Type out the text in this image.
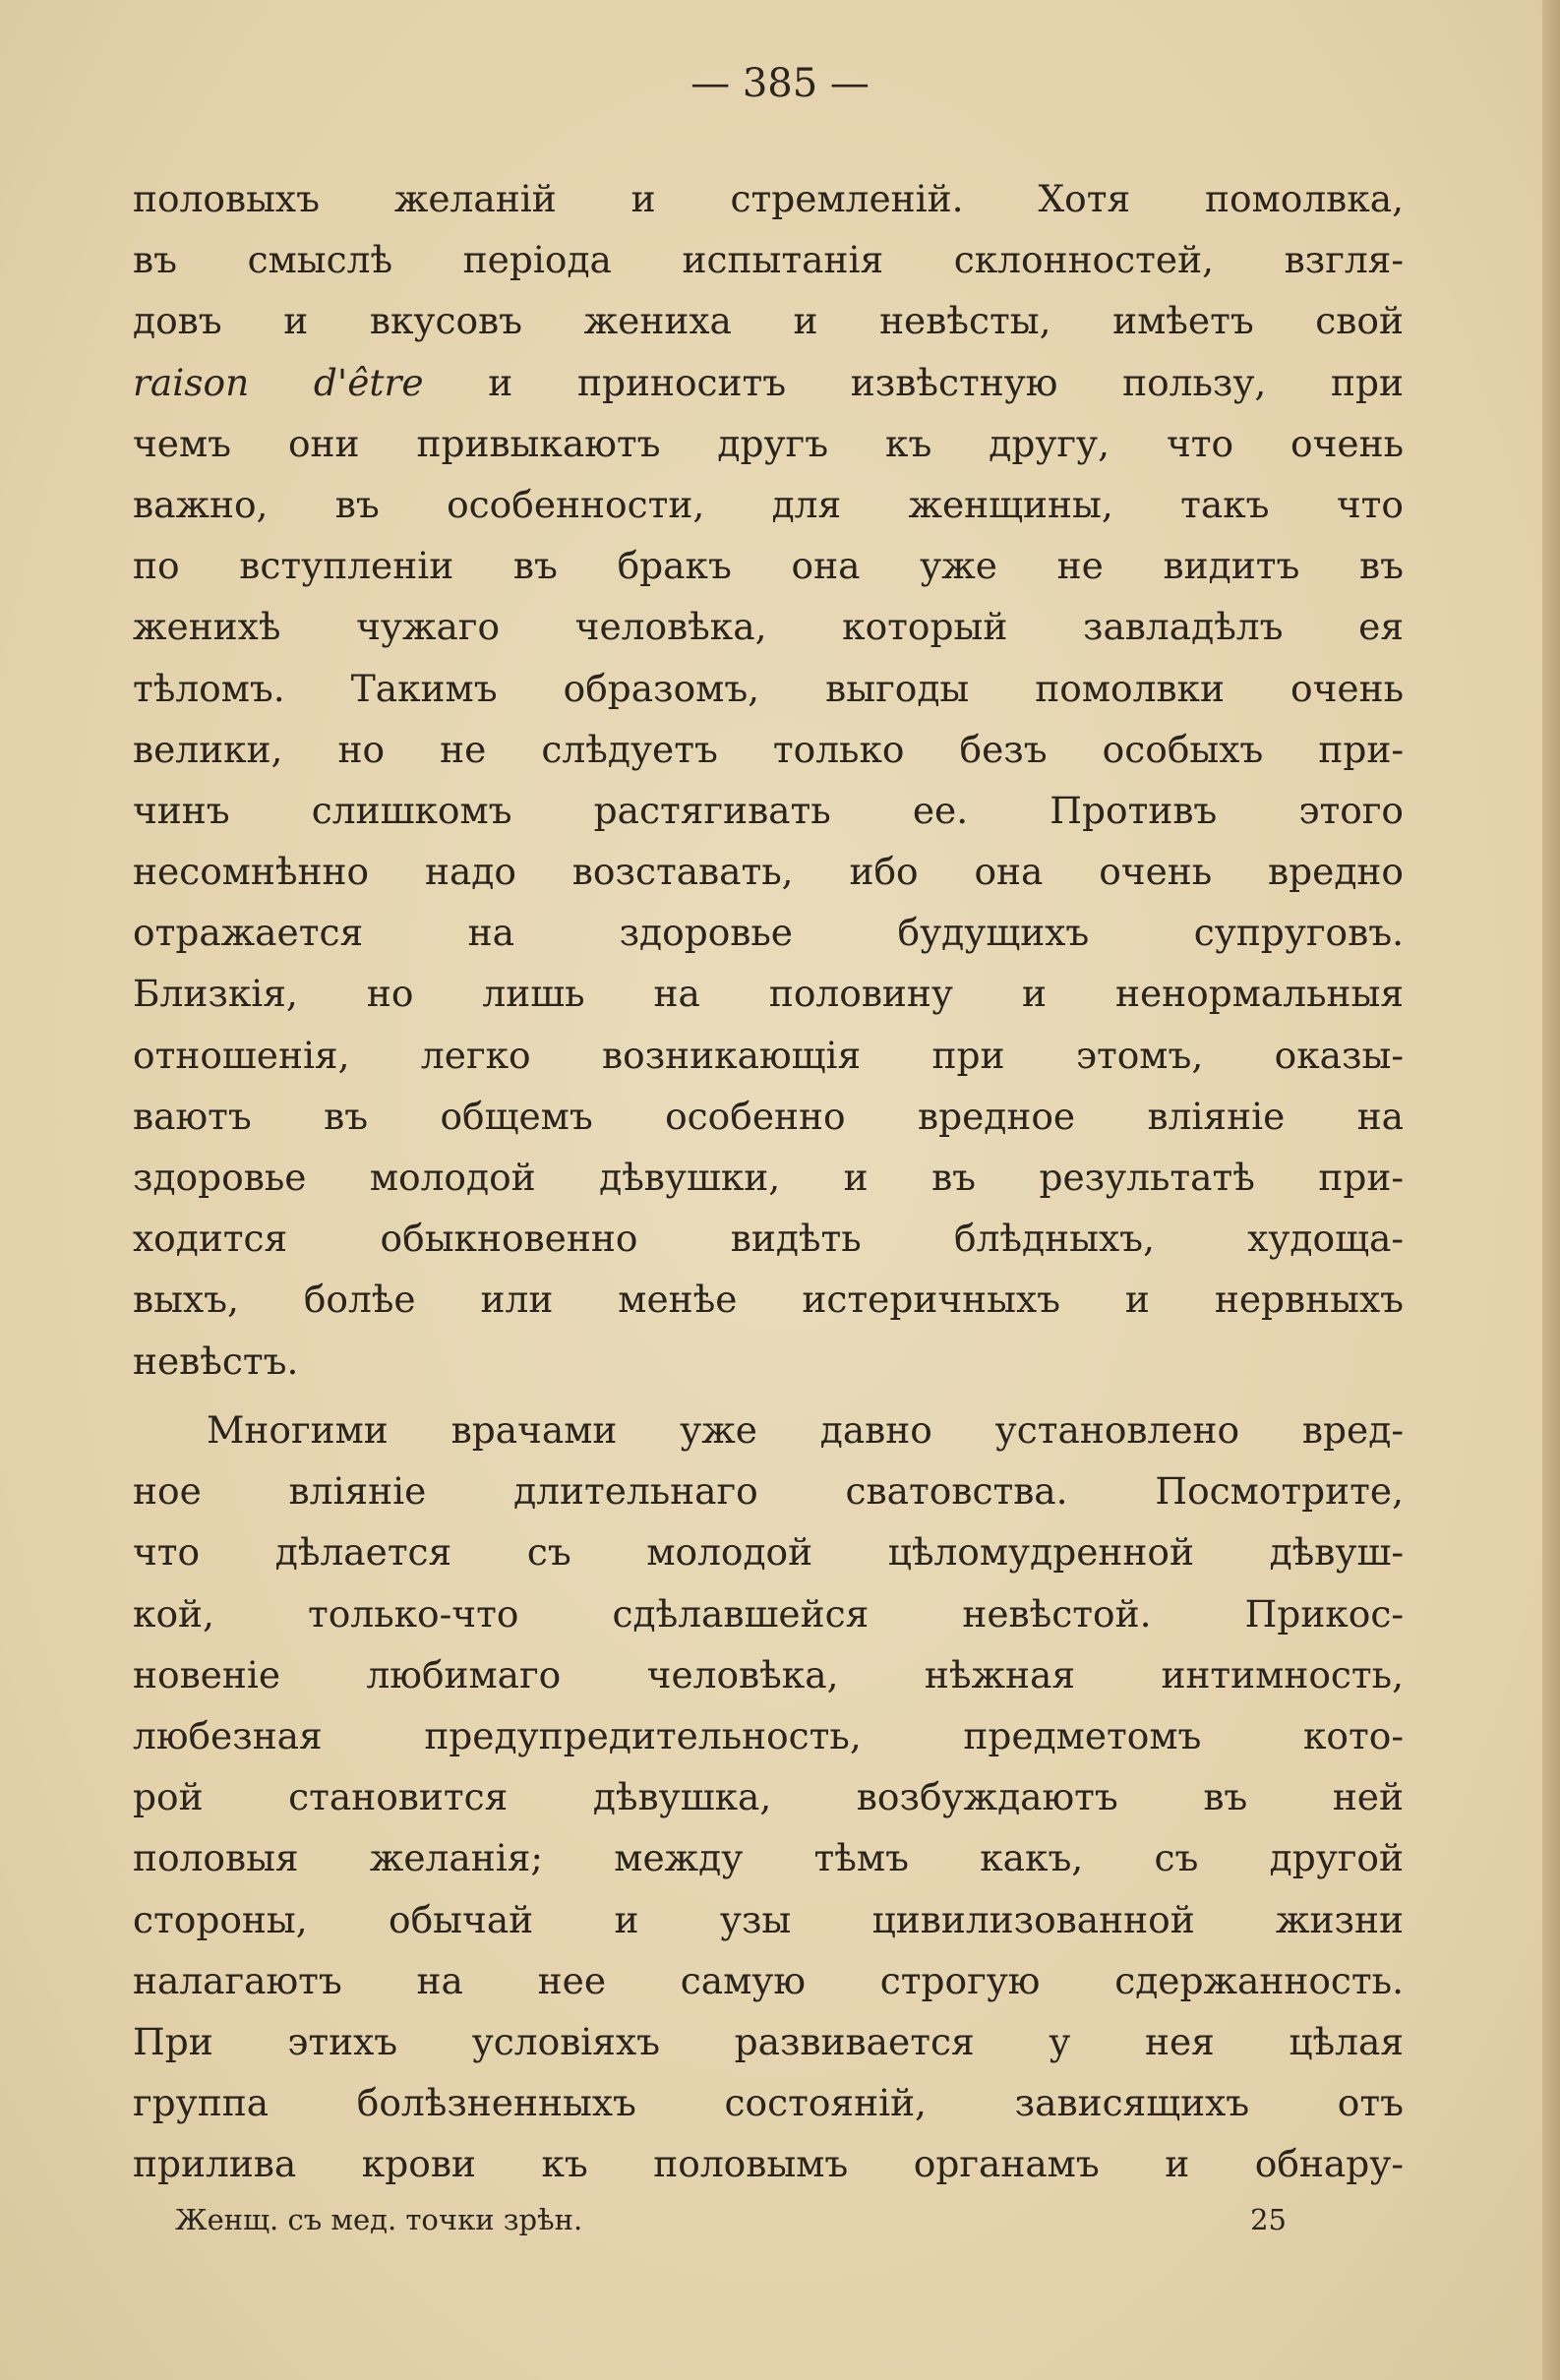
— 385 —
половыхъ желаній и стремленій. Хотя помолвка,
въ смыслѣ періода испытанія склонностей, взгля-
довъ и вкусовъ жениха и невѣсты, имѣетъ свой
raison d'être и приноситъ извѣстную пользу, при
чемъ они привыкаютъ другъ къ другу, что очень
важно, въ особенности, для женщины, такъ что
по вступленіи въ бракъ она уже не видитъ въ
женихѣ чужаго человѣка, который завладѣлъ ея
тѣломъ. Такимъ образомъ, выгоды помолвки очень
велики, но не слѣдуетъ только безъ особыхъ при-
чинъ слишкомъ растягивать ее. Противъ этого
несомнѣнно надо возставать, ибо она очень вредно
отражается на здоровье будущихъ супруговъ.
Близкія, но лишь на половину и ненормальныя
отношенія, легко возникающія при этомъ, оказы-
ваютъ въ общемъ особенно вредное вліяніе на
здоровье молодой дѣвушки, и въ результатѣ при-
ходится обыкновенно видѣть блѣдныхъ, худоща-
выхъ, болѣе или менѣе истеричныхъ и нервныхъ
невѣстъ.
Многими врачами уже давно установлено вред-
ное вліяніе длительнаго сватовства. Посмотрите,
что дѣлается съ молодой цѣломудренной дѣвуш-
кой, только-что сдѣлавшейся невѣстой. Прикос-
новеніе любимаго человѣка, нѣжная интимность,
любезная предупредительность, предметомъ кото-
рой становится дѣвушка, возбуждаютъ въ ней
половыя желанія; между тѣмъ какъ, съ другой
стороны, обычай и узы цивилизованной жизни
налагаютъ на нее самую строгую сдержанность.
При этихъ условіяхъ развивается у нея цѣлая
группа болѣзненныхъ состояній, зависящихъ отъ
прилива крови къ половымъ органамъ и обнару-
Женщ. съ мед. точки зрѣн.	25
